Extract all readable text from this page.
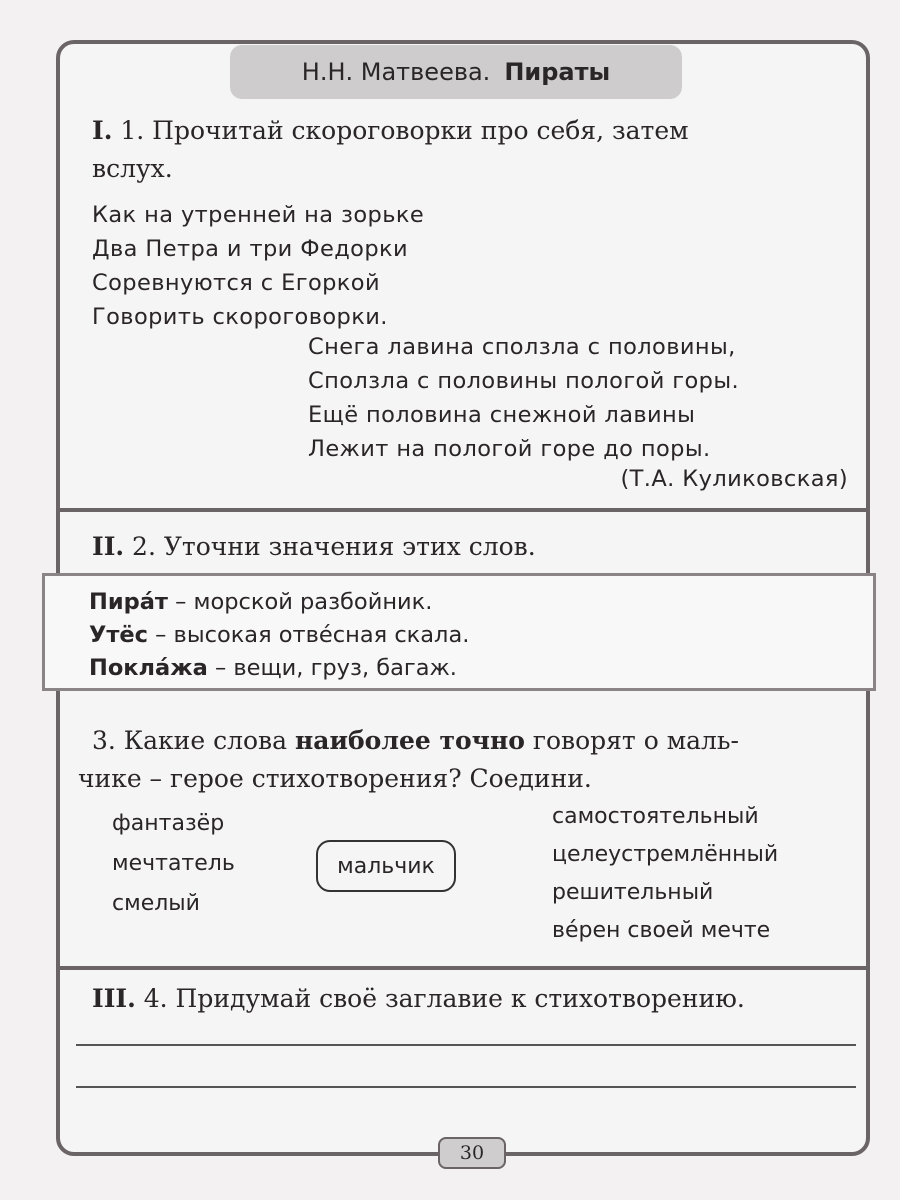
Н.Н. Матвеева. Пираты
I. 1. Прочитай скороговорки про себя, затем
вслух.
Как на утренней на зорьке
Два Петра и три Федорки
Соревнуются с Егоркой
Говорить скороговорки.
Снега лавина сползла с половины,
Сползла с половины пологой горы.
Ещё половина снежной лавины
Лежит на пологой горе до поры.
(Т.А. Куликовская)
II. 2. Уточни значения этих слов.
Пира́т – морской разбойник.
Утёс – высокая отве́сная скала.
Покла́жа – вещи, груз, багаж.
3. Какие слова наиболее точно говорят о маль-
чике – герое стихотворения? Соедини.
фантазёр
мечтатель
смелый
мальчик
самостоятельный
целеустремлённый
решительный
ве́рен своей мечте
III. 4. Придумай своё заглавие к стихотворению.
30
